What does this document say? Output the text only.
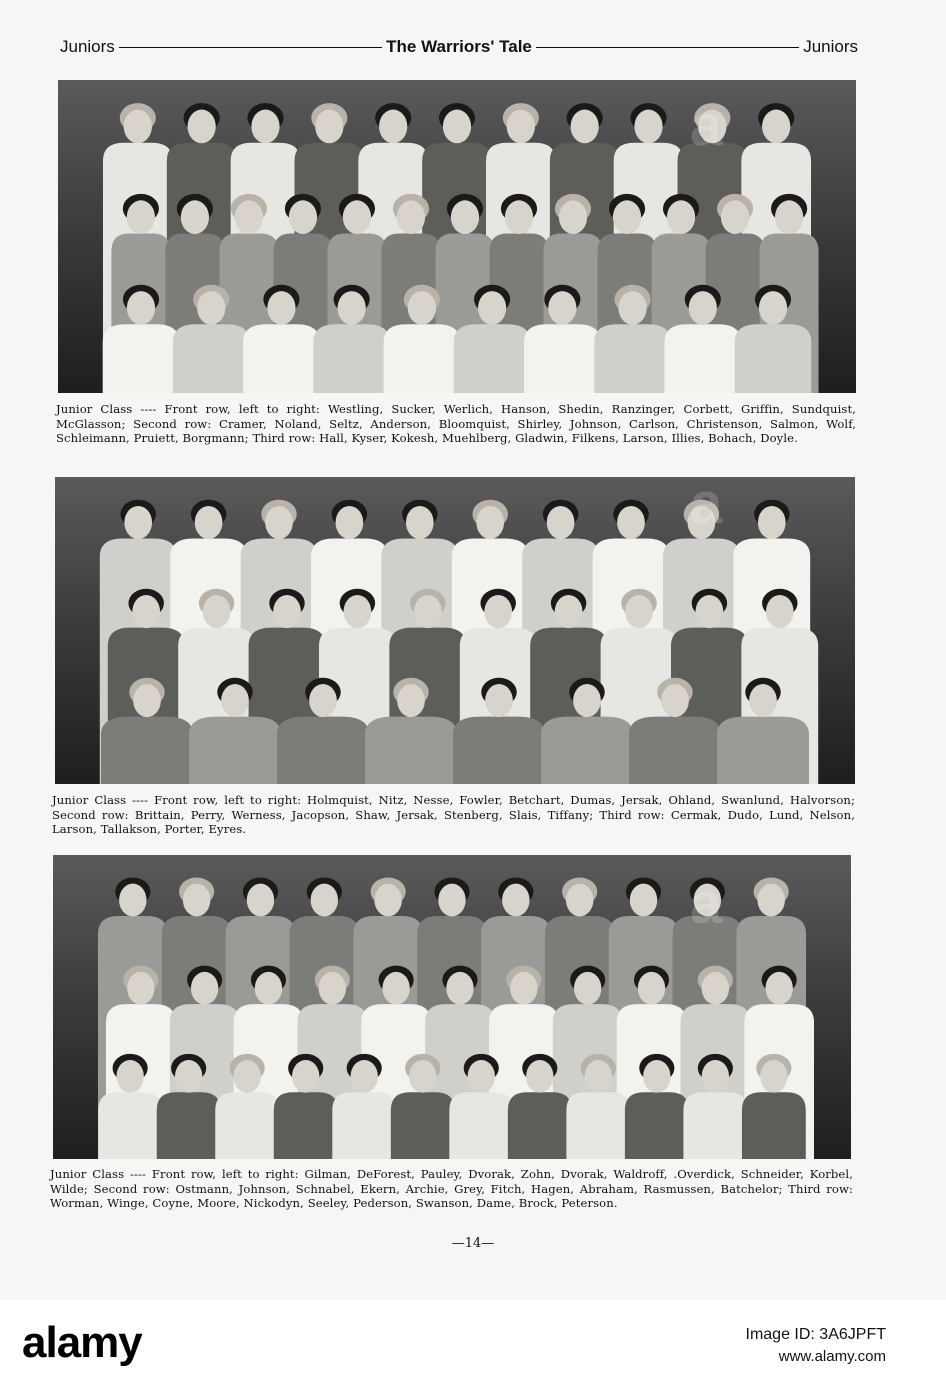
Juniors	The Warriors' Tale	Juniors
Junior Class ---- Front row, left to right: Westling, Sucker, Werlich, Hanson, Shedin, Ranzinger, Corbett, Griffin, Sundquist, McGlasson; Second row: Cramer, Noland, Seltz, Anderson, Bloomquist, Shirley, Johnson, Carlson, Christenson, Salmon, Wolf, Schleimann, Pruiett, Borgmann; Third row: Hall, Kyser, Kokesh, Muehlberg, Gladwin, Filkens, Larson, Illies, Bohach, Doyle.
Junior Class ---- Front row, left to right: Holmquist, Nitz, Nesse, Fowler, Betchart, Dumas, Jersak, Ohland, Swanlund, Halvorson; Second row: Brittain, Perry, Werness, Jacopson, Shaw, Jersak, Stenberg, Slais, Tiffany; Third row: Cermak, Dudo, Lund, Nelson, Larson, Tallakson, Porter, Eyres.
Junior Class ---- Front row, left to right: Gilman, DeForest, Pauley, Dvorak, Zohn, Dvorak, Waldroff, .Overdick, Schneider, Korbel, Wilde; Second row: Ostmann, Johnson, Schnabel, Ekern, Archie, Grey, Fitch, Hagen, Abraham, Rasmussen, Batchelor; Third row: Worman, Winge, Coyne, Moore, Nickodyn, Seeley, Pederson, Swanson, Dame, Brock, Peterson.
—14—
a
a
a
alamy	Image ID: 3A6JPFT
www.alamy.com
